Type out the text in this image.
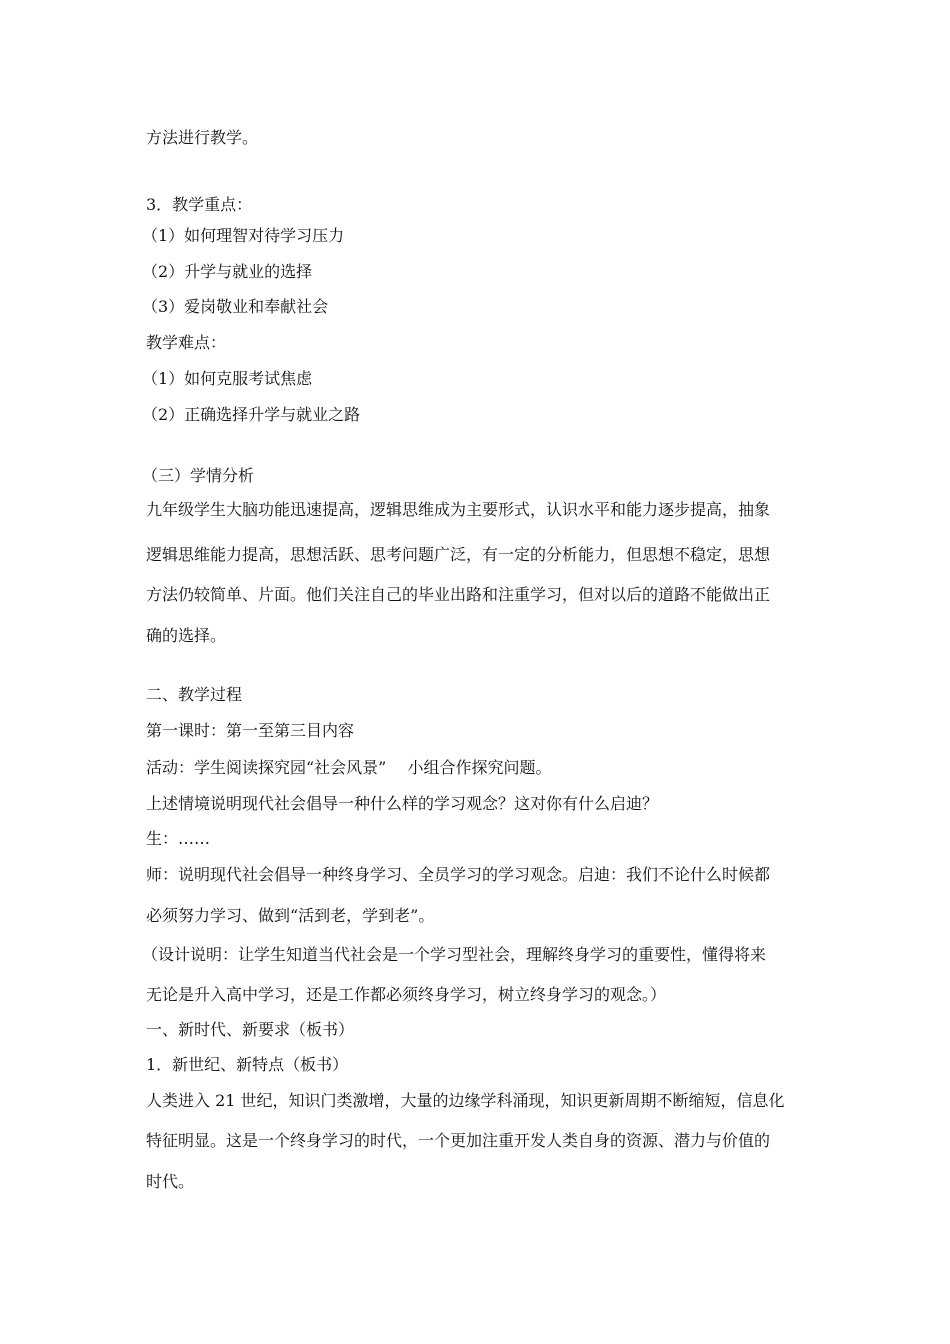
方法进行教学。
3．教学重点：
（1）如何理智对待学习压力
（2）升学与就业的选择
（3）爱岗敬业和奉献社会
教学难点：
（1）如何克服考试焦虑
（2）正确选择升学与就业之路
（三）学情分析
九年级学生大脑功能迅速提高，逻辑思维成为主要形式，认识水平和能力逐步提高，抽象
逻辑思维能力提高，思想活跃、思考问题广泛，有一定的分析能力，但思想不稳定，思想
方法仍较简单、片面。他们关注自己的毕业出路和注重学习，但对以后的道路不能做出正
确的选择。
二、教学过程
第一课时：第一至第三目内容
活动：学生阅读探究园“社会风景”　 小组合作探究问题。
上述情境说明现代社会倡导一种什么样的学习观念？这对你有什么启迪？
生：……
师：说明现代社会倡导一种终身学习、全员学习的学习观念。启迪：我们不论什么时候都
必须努力学习、做到“活到老，学到老”。
（设计说明：让学生知道当代社会是一个学习型社会，理解终身学习的重要性，懂得将来
无论是升入高中学习，还是工作都必须终身学习，树立终身学习的观念。）
一、新时代、新要求（板书）
1．新世纪、新特点（板书）
人类进入 21 世纪，知识门类激增，大量的边缘学科涌现，知识更新周期不断缩短，信息化
特征明显。这是一个终身学习的时代，一个更加注重开发人类自身的资源、潜力与价值的
时代。
